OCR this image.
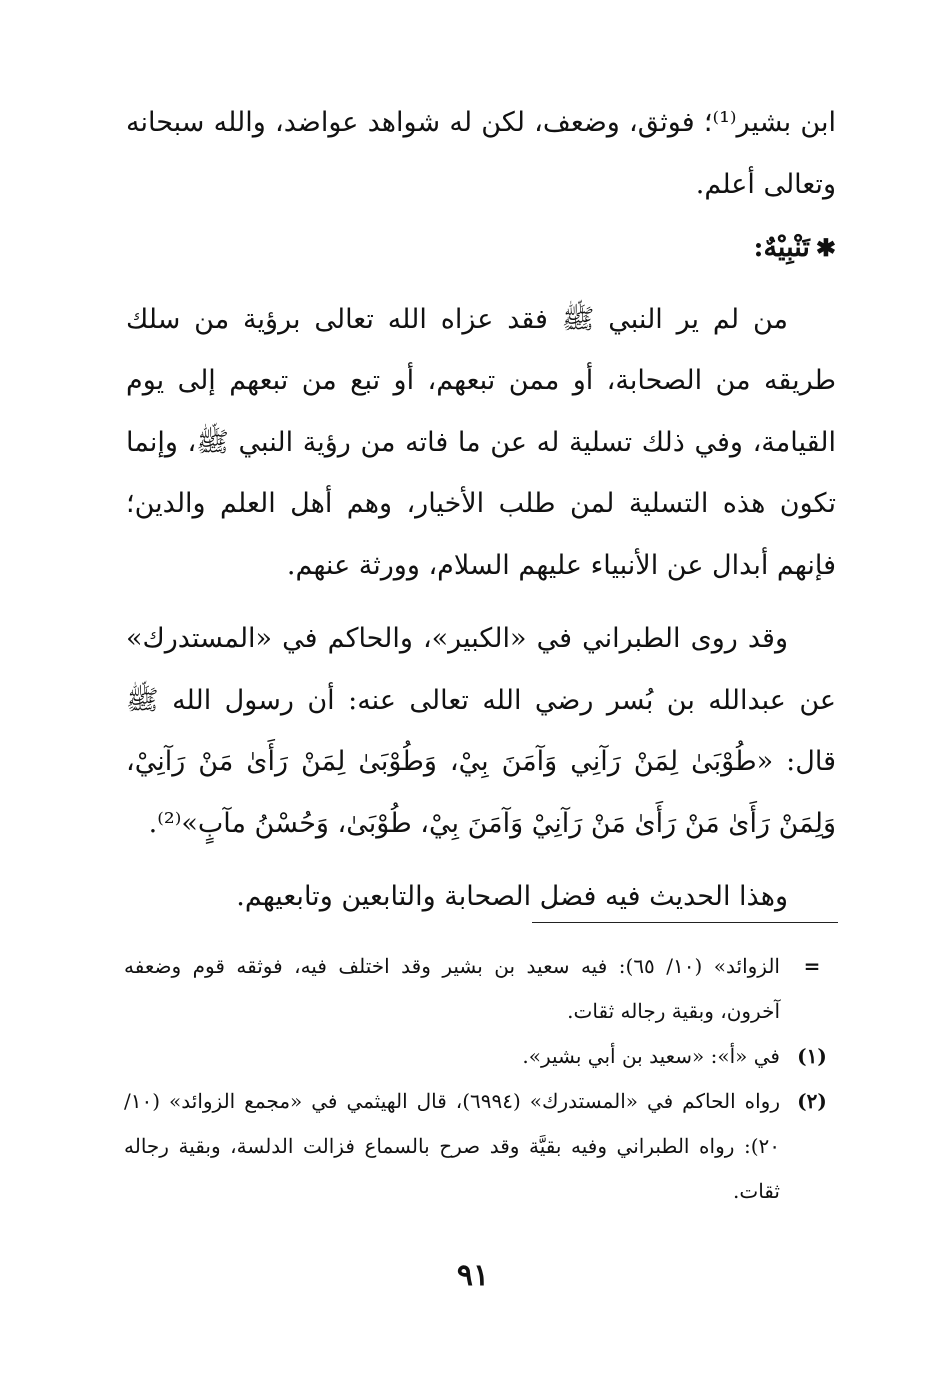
ابن بشير⁽¹⁾؛ فوثق، وضعف، لكن له شواهد عواضد، والله سبحانه وتعالى أعلم.

✱تَنْبِيْهٌ:

من لم ير النبي ﷺ فقد عزاه الله تعالى برؤية من سلك طريقه من الصحابة، أو ممن تبعهم، أو تبع من تبعهم إلى يوم القيامة، وفي ذلك تسلية له عن ما فاته من رؤية النبي ﷺ، وإنما تكون هذه التسلية لمن طلب الأخيار، وهم أهل العلم والدين؛ فإنهم أبدال عن الأنبياء عليهم السلام، وورثة عنهم.

وقد روى الطبراني في «الكبير»، والحاكم في «المستدرك» عن عبدالله بن بُسر رضي الله تعالى عنه: أن رسول الله ﷺ قال: «طُوْبَىٰ لِمَنْ رَآنِي وَآمَنَ بِيْ، وَطُوْبَىٰ لِمَنْ رَأَىٰ مَنْ رَآنِيْ، وَلِمَنْ رَأَىٰ مَنْ رَأَىٰ مَنْ رَآنِيْ وَآمَنَ بِيْ، طُوْبَىٰ، وَحُسْنُ مآبٍ»⁽²⁾.

وهذا الحديث فيه فضل الصحابة والتابعين وتابعيهم.

=
الزوائد» (١٠/ ٦٥): فيه سعيد بن بشير وقد اختلف فيه، فوثقه قوم وضعفه آخرون، وبقية رجاله ثقات.

(١)
في «أ»: «سعيد بن أبي بشير».

(٢)
رواه الحاكم في «المستدرك» (٦٩٩٤)، قال الهيثمي في «مجمع الزوائد» (١٠/ ٢٠): رواه الطبراني وفيه بقيَّة وقد صرح بالسماع فزالت الدلسة، وبقية رجاله ثقات.

٩١
